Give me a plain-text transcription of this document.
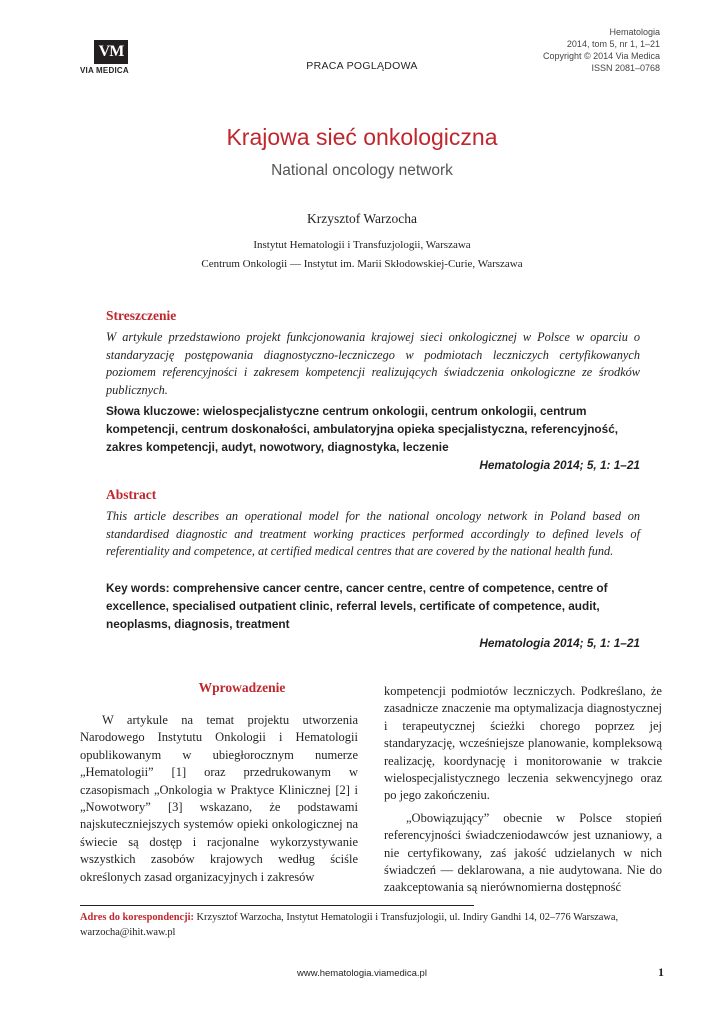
VM
VIA MEDICA	PRACA POGLĄDOWA
Hematologia
2014, tom 5, nr 1, 1–21
Copyright © 2014 Via Medica
ISSN 2081–0768
Krajowa sieć onkologiczna
National oncology network
Krzysztof Warzocha
Instytut Hematologii i Transfuzjologii, Warszawa
Centrum Onkologii — Instytut im. Marii Skłodowskiej-Curie, Warszawa
Streszczenie

W artykule przedstawiono projekt funkcjonowania krajowej sieci onkologicznej w Polsce w oparciu o standaryzację postępowania diagnostyczno-leczniczego w podmiotach leczniczych certyfikowanych poziomem referencyjności i zakresem kompetencji realizujących świadczenia onkologiczne ze środków publicznych.

Słowa kluczowe: wielospecjalistyczne centrum onkologii, centrum onkologii, centrum kompetencji, centrum doskonałości, ambulatoryjna opieka specjalistyczna, referencyjność, zakres kompetencji, audyt, nowotwory, diagnostyka, leczenie

Hematologia 2014; 5, 1: 1–21
Abstract

This article describes an operational model for the national oncology network in Poland based on standardised diagnostic and treatment working practices performed accordingly to defined levels of referentiality and competence, at certified medical centres that are covered by the national health fund.

Key words: comprehensive cancer centre, cancer centre, centre of competence, centre of excellence, specialised outpatient clinic, referral levels, certificate of competence, audit, neoplasms, diagnosis, treatment

Hematologia 2014; 5, 1: 1–21
Wprowadzenie

W artykule na temat projektu utworzenia Narodowego Instytutu Onkologii i Hematologii opublikowanym w ubiegłorocznym numerze „Hematologii” [1] oraz przedrukowanym w czasopismach „Onkologia w Praktyce Klinicznej [2] i „Nowotwory” [3] wskazano, że podstawami najskuteczniejszych systemów opieki onkologicznej na świecie są dostęp i racjonalne wykorzystywanie wszystkich zasobów krajowych według ściśle określonych zasad organizacyjnych i zakresów

kompetencji podmiotów leczniczych. Podkreślano, że zasadnicze znaczenie ma optymalizacja diagnostycznej i terapeutycznej ścieżki chorego poprzez jej standaryzację, wcześniejsze planowanie, kompleksową realizację, koordynację i monitorowanie w trakcie wielospecjalistycznego leczenia sekwencyjnego oraz po jego zakończeniu.

„Obowiązujący” obecnie w Polsce stopień referencyjności świadczeniodawców jest uznaniowy, a nie certyfikowany, zaś jakość udzielanych w nich świadczeń — deklarowana, a nie audytowana. Nie do zaakceptowania są nierównomierna dostępność

Adres do korespondencji: Krzysztof Warzocha, Instytut Hematologii i Transfuzjologii, ul. Indiry Gandhi 14, 02–776 Warszawa, warzocha@ihit.waw.pl

www.hematologia.viamedica.pl	1
